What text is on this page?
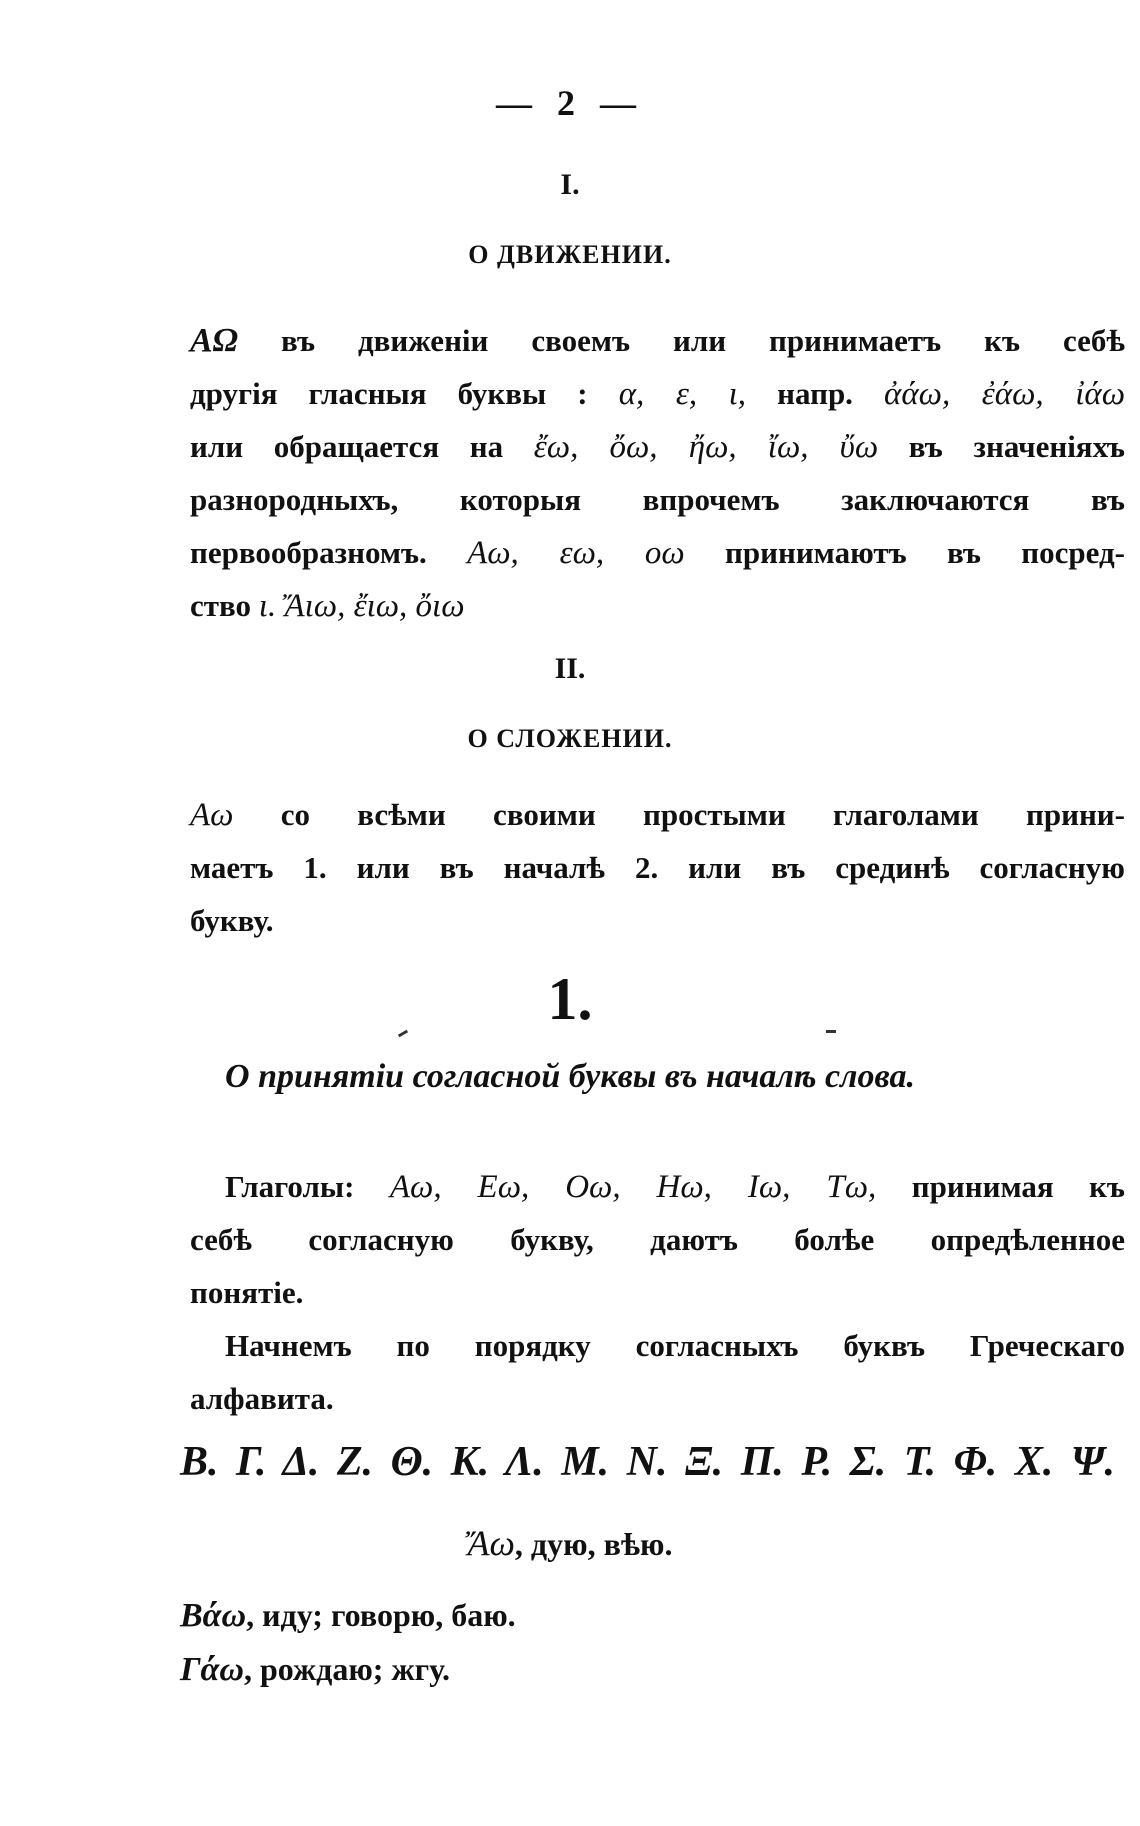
— 2 —
I.
О ДВИЖЕНИИ.
ΑΩ въ движеніи своемъ или принимаетъ къ себѣ
другія гласныя буквы : α, ε, ι, напр. ἀάω, ἐάω, ἰάω
или обращается на ἔω, ὄω, ἤω, ἴω, ὔω въ значеніяхъ
разнородныхъ, которыя впрочемъ заключаются въ
первообразномъ. Αω, εω, οω принимаютъ въ посред-
ство ι. Ἄιω, ἔιω, ὄιω
II.
О СЛОЖЕНИИ.
Αω со всѣми своими простыми глаголами прини-
маетъ 1. или въ началѣ 2. или въ срединѣ согласную
букву.
1.
О принятіи согласной буквы въ началѣ слова.
Глаголы: Αω, Εω, Οω, Ηω, Ιω, Τω, принимая къ
себѣ согласную букву, даютъ болѣе опредѣленное
понятіе.
Начнемъ по порядку согласныхъ буквъ Греческаго
алфавита.
Β. Γ. Δ. Ζ. Θ. Κ. Λ. Μ. Ν. Ξ. Π. Ρ. Σ. Τ. Φ. Χ. Ψ.
Ἄω, дую, вѣю.
Βάω, иду; говорю, баю.
Γάω, рождаю; жгу.
